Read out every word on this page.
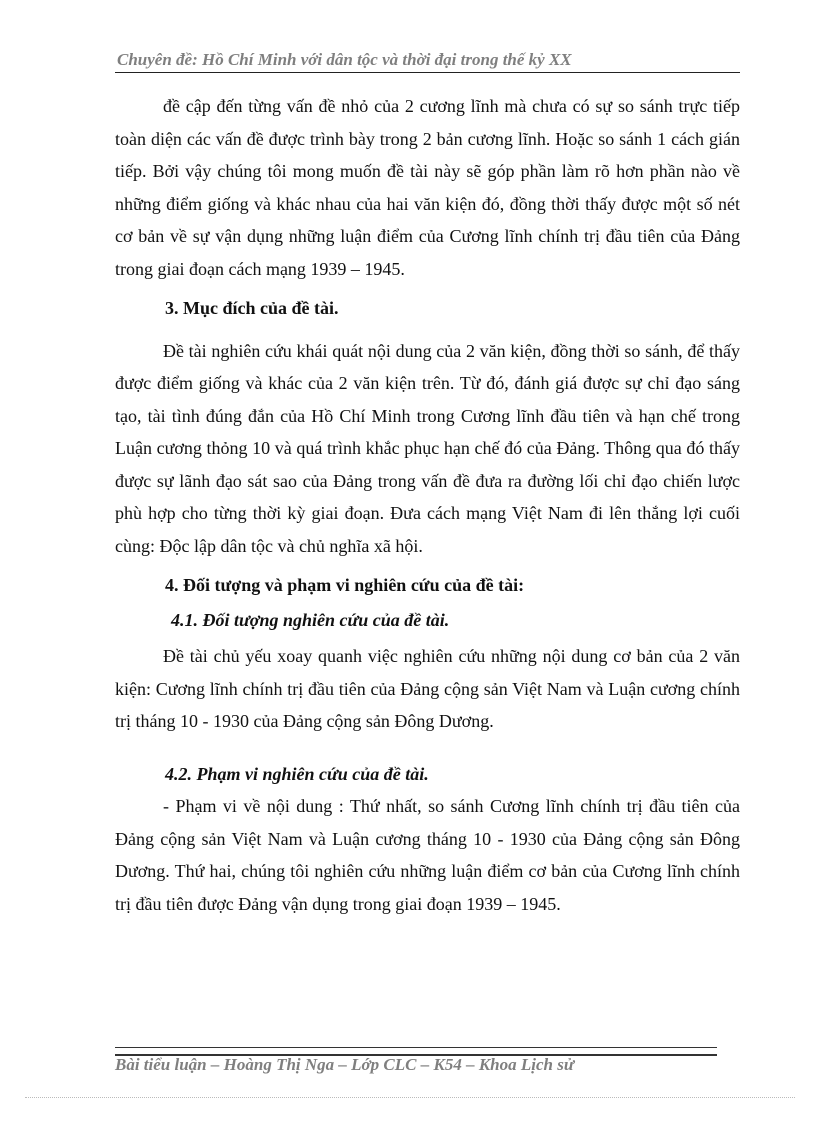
Chuyên đề: Hồ Chí Minh với dân tộc và thời đại trong thế kỷ XX

đề cập đến từng vấn đề nhỏ của 2 cương lĩnh mà chưa có sự so sánh trực tiếp toàn diện các vấn đề được trình bày trong 2 bản cương lĩnh. Hoặc so sánh 1 cách gián tiếp. Bởi vậy chúng tôi mong muốn đề tài này sẽ góp phần làm rõ hơn phần nào về những điểm giống và khác nhau của hai văn kiện đó, đồng thời thấy được một số nét cơ bản về sự vận dụng những luận điểm của Cương lĩnh chính trị đầu tiên của Đảng trong giai đoạn cách mạng 1939 – 1945.

3. Mục đích của đề tài.

Đề tài nghiên cứu khái quát nội dung của 2 văn kiện, đồng thời so sánh, để thấy được điểm giống và khác của 2 văn kiện trên. Từ đó, đánh giá được sự chỉ đạo sáng tạo, tài tình đúng đắn của Hồ Chí Minh trong Cương lĩnh đầu tiên và hạn chế trong Luận cương thỏng 10 và quá trình khắc phục hạn chế đó của Đảng. Thông qua đó thấy được sự lãnh đạo sát sao của Đảng trong vấn đề đưa ra đường lối chỉ đạo chiến lược phù hợp cho từng thời kỳ giai đoạn. Đưa cách mạng Việt Nam đi lên thắng lợi cuối cùng: Độc lập dân tộc và chủ nghĩa xã hội.

4. Đối tượng và phạm vi nghiên cứu của đề tài:

4.1. Đối tượng nghiên cứu của đề tài.

Đề tài chủ yếu xoay quanh việc nghiên cứu những nội dung cơ bản của 2 văn kiện: Cương lĩnh chính trị đầu tiên của Đảng cộng sản Việt Nam và Luận cương chính trị tháng 10 - 1930 của Đảng cộng sản Đông Dương.

4.2. Phạm vi nghiên cứu của đề tài.

- Phạm vi về nội dung : Thứ nhất, so sánh Cương lĩnh chính trị đầu tiên của Đảng cộng sản Việt Nam và Luận cương tháng 10 - 1930 của Đảng cộng sản Đông Dương. Thứ hai, chúng tôi nghiên cứu những luận điểm cơ bản của Cương lĩnh chính trị đầu tiên được Đảng vận dụng trong giai đoạn 1939 – 1945.

Bài tiểu luận – Hoàng Thị Nga – Lớp CLC – K54 – Khoa Lịch sử
